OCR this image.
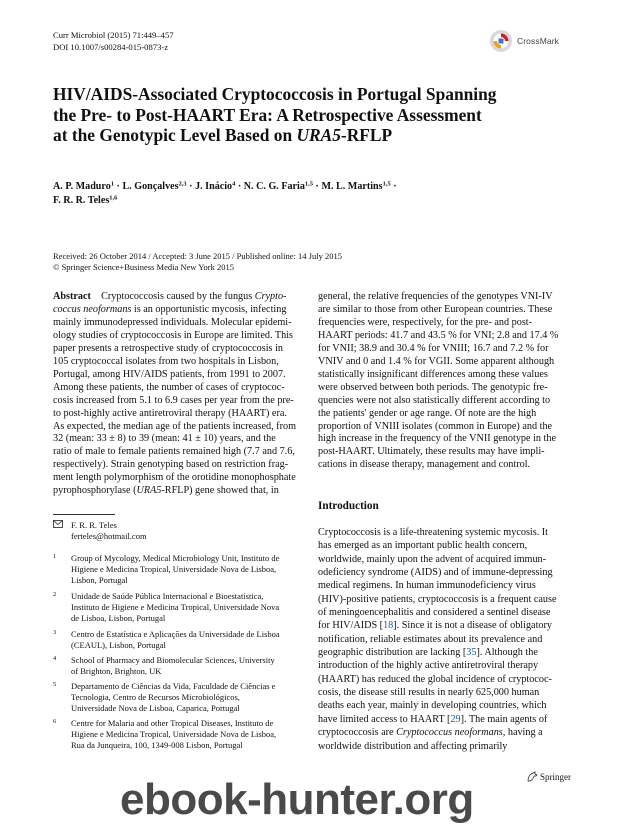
Curr Microbiol (2015) 71:449–457
DOI 10.1007/s00284-015-0873-z
CrossMark
HIV/AIDS-Associated Cryptococcosis in Portugal Spanning
the Pre- to Post-HAART Era: A Retrospective Assessment
at the Genotypic Level Based on URA5-RFLP
A. P. Maduro$^1$ · L. Gonçalves$^{2,3}$ · J. Inácio$^4$ · N. C. G. Faria$^{1,5}$ · M. L. Martins$^{1,5}$ ·
F. R. R. Teles$^{1,6}$
Received: 26 October 2014 / Accepted: 3 June 2015 / Published online: 14 July 2015
© Springer Science+Business Media New York 2015
Abstract  Cryptococcosis caused by the fungus Crypto-
coccus neoformans is an opportunistic mycosis, infecting
mainly immunodepressed individuals. Molecular epidemi-
ology studies of cryptococcosis in Europe are limited. This
paper presents a retrospective study of cryptococcosis in
105 cryptococcal isolates from two hospitals in Lisbon,
Portugal, among HIV/AIDS patients, from 1991 to 2007.
Among these patients, the number of cases of cryptococ-
cosis increased from 5.1 to 6.9 cases per year from the pre-
to post-highly active antiretroviral therapy (HAART) era.
As expected, the median age of the patients increased, from
32 (mean: 33 ± 8) to 39 (mean: 41 ± 10) years, and the
ratio of male to female patients remained high (7.7 and 7.6,
respectively). Strain genotyping based on restriction frag-
ment length polymorphism of the orotidine monophosphate
pyrophosphorylase (URA5-RFLP) gene showed that, in
general, the relative frequencies of the genotypes VNI-IV
are similar to those from other European countries. These
frequencies were, respectively, for the pre- and post-
HAART periods: 41.7 and 43.5 % for VNI; 2.8 and 17.4 %
for VNII; 38.9 and 30.4 % for VNIII; 16.7 and 7.2 % for
VNIV and 0 and 1.4 % for VGII. Some apparent although
statistically insignificant differences among these values
were observed between both periods. The genotypic fre-
quencies were not also statistically different according to
the patients' gender or age range. Of note are the high
proportion of VNIII isolates (common in Europe) and the
high increase in the frequency of the VNII genotype in the
post-HAART. Ultimately, these results may have impli-
cations in disease therapy, management and control.
Introduction
Cryptococcosis is a life-threatening systemic mycosis. It
has emerged as an important public health concern,
worldwide, mainly upon the advent of acquired immun-
odeficiency syndrome (AIDS) and of immune-depressing
medical regimens. In human immunodeficiency virus
(HIV)-positive patients, cryptococcosis is a frequent cause
of meningoencephalitis and considered a sentinel disease
for HIV/AIDS [18]. Since it is not a disease of obligatory
notification, reliable estimates about its prevalence and
geographic distribution are lacking [35]. Although the
introduction of the highly active antiretroviral therapy
(HAART) has reduced the global incidence of cryptococ-
cosis, the disease still results in nearly 625,000 human
deaths each year, mainly in developing countries, which
have limited access to HAART [29]. The main agents of
cryptococcosis are Cryptococcus neoformans, having a
worldwide distribution and affecting primarily
F. R. R. Teles
ferteles@hotmail.com
1 Group of Mycology, Medical Microbiology Unit, Instituto de
Higiene e Medicina Tropical, Universidade Nova de Lisboa,
Lisbon, Portugal
2 Unidade de Saúde Pública Internacional e Bioestatística,
Instituto de Higiene e Medicina Tropical, Universidade Nova
de Lisboa, Lisbon, Portugal
3 Centro de Estatística e Aplicações da Universidade de Lisboa
(CEAUL), Lisbon, Portugal
4 School of Pharmacy and Biomolecular Sciences, University
of Brighton, Brighton, UK
5 Departamento de Ciências da Vida, Faculdade de Ciências e
Tecnologia, Centro de Recursos Microbiológicos,
Universidade Nova de Lisboa, Caparica, Portugal
6 Centre for Malaria and other Tropical Diseases, Instituto de
Higiene e Medicina Tropical, Universidade Nova de Lisboa,
Rua da Junqueira, 100, 1349-008 Lisbon, Portugal
Springer
ebook-hunter.org
